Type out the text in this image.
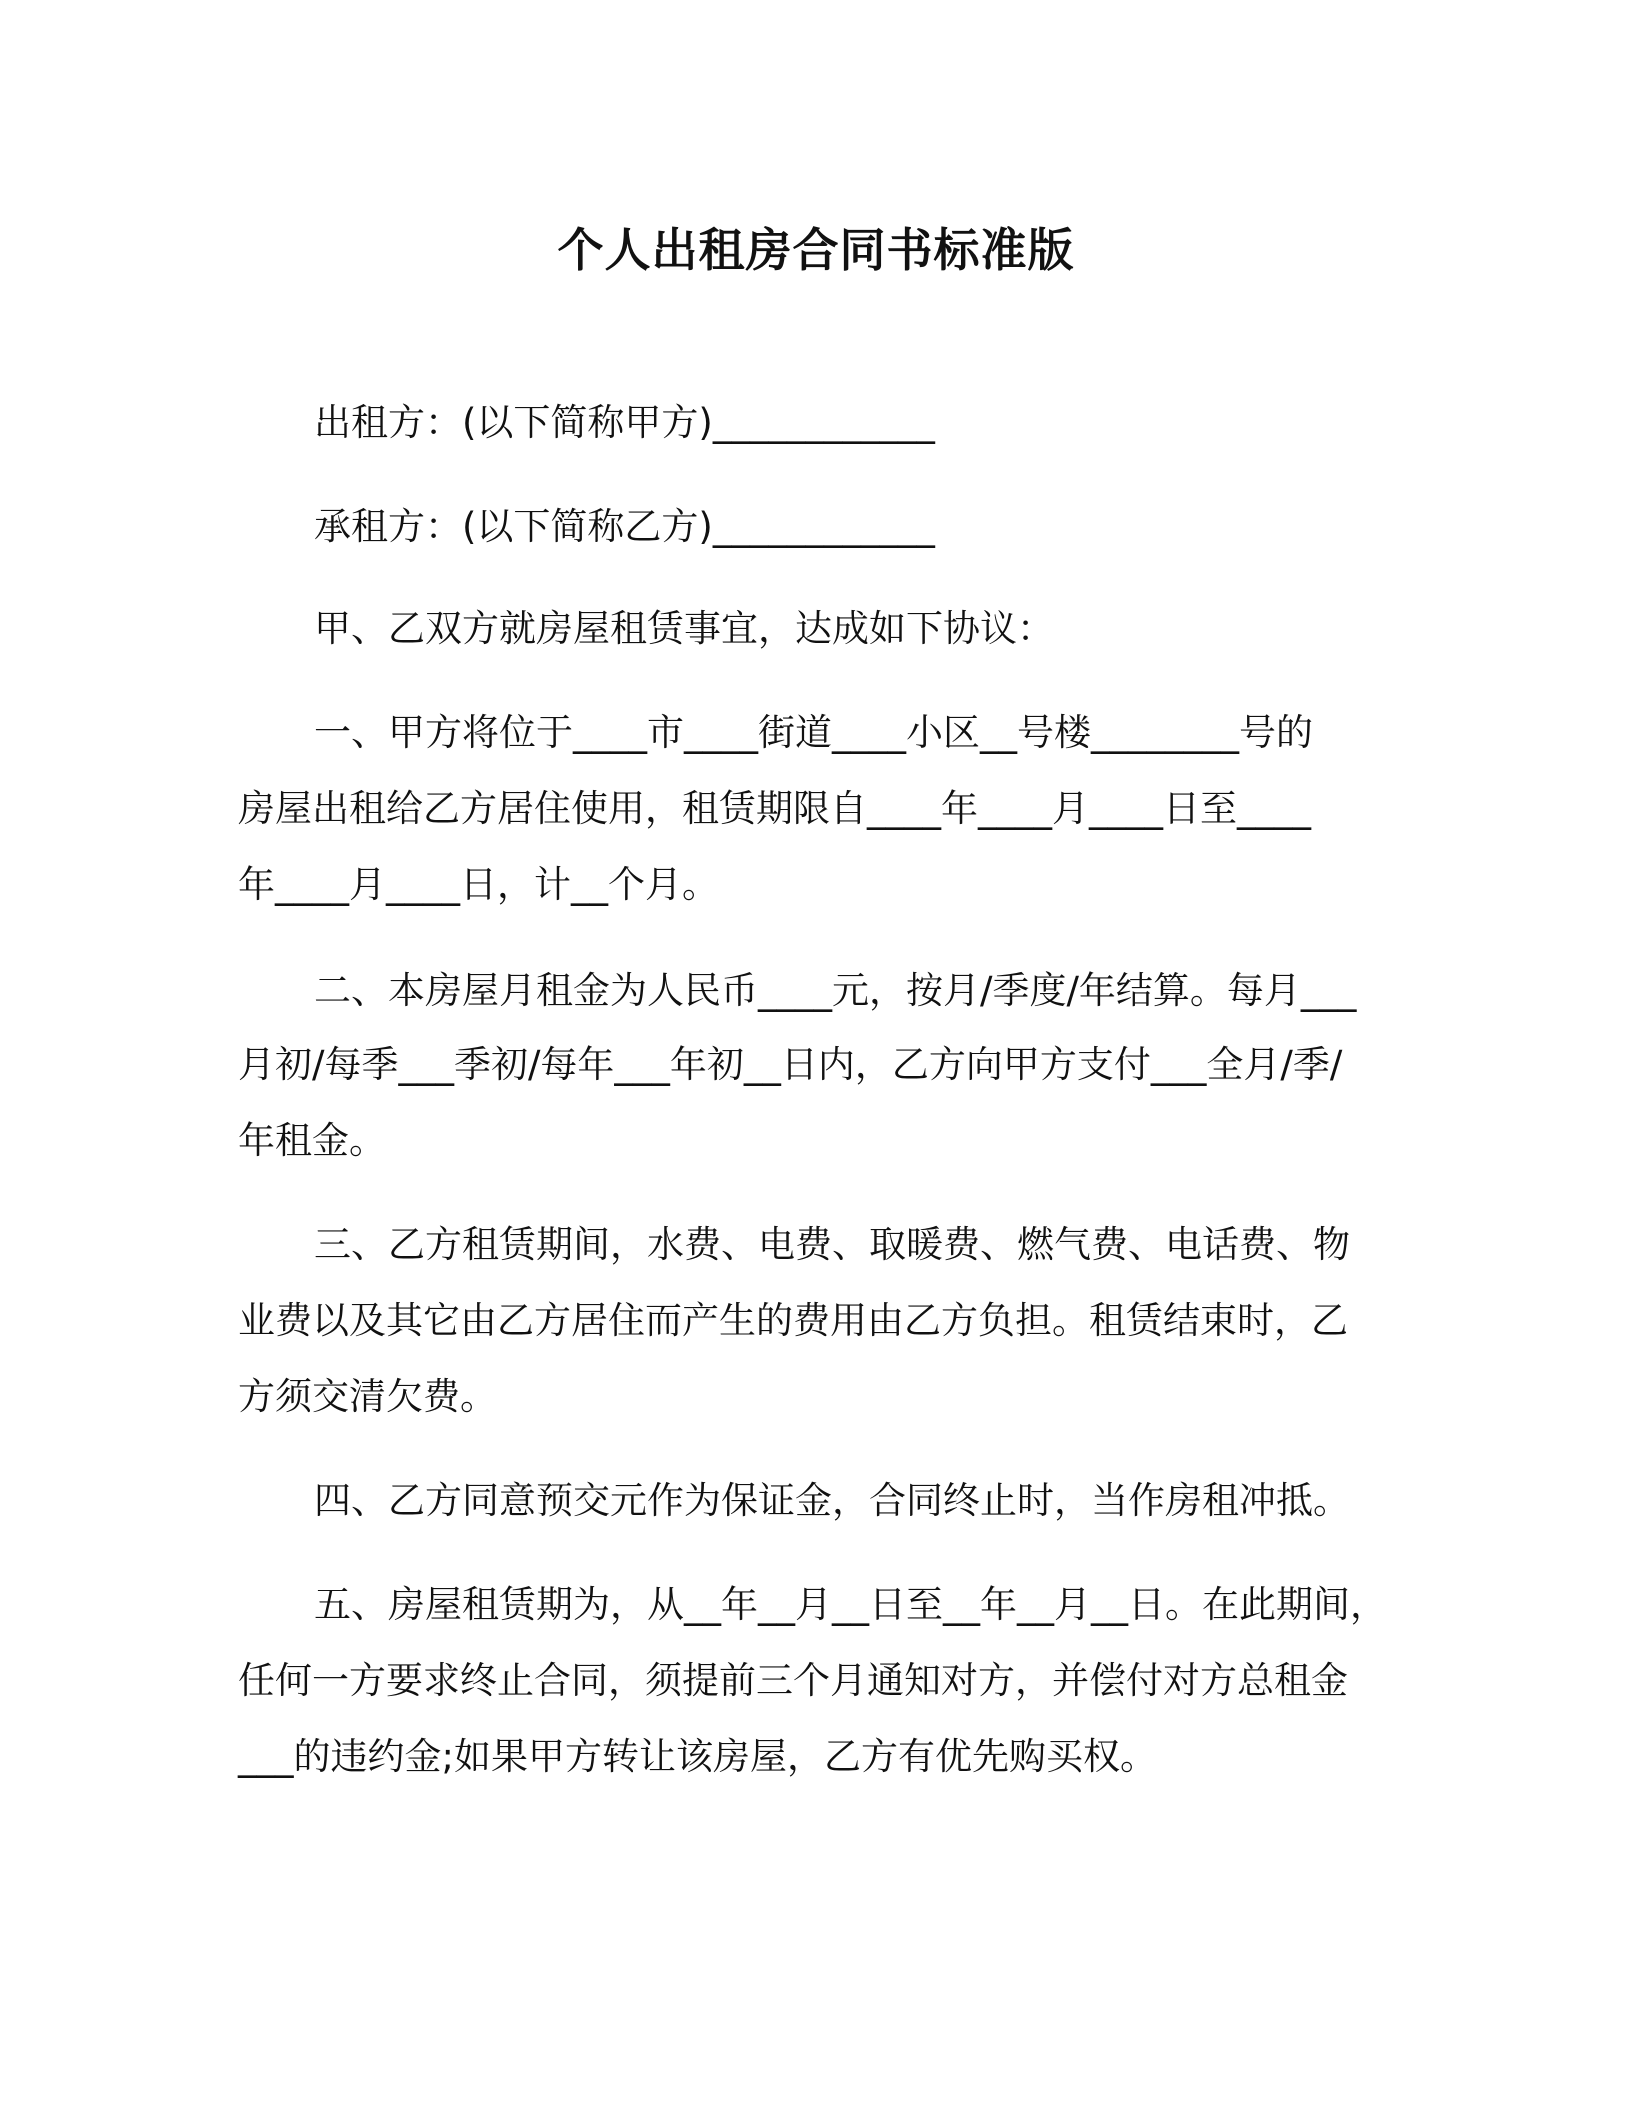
个人出租房合同书标准版
出租方：(以下简称甲方)____________
承租方：(以下简称乙方)____________
甲、乙双方就房屋租赁事宜，达成如下协议：
一、甲方将位于____市____街道____小区__号楼________号的
房屋出租给乙方居住使用，租赁期限自____年____月____日至____
年____月____日，计__个月。
二、本房屋月租金为人民币____元，按月/季度/年结算。每月___
月初/每季___季初/每年___年初__日内，乙方向甲方支付___全月/季/
年租金。
三、乙方租赁期间，水费、电费、取暖费、燃气费、电话费、物
业费以及其它由乙方居住而产生的费用由乙方负担。租赁结束时，乙
方须交清欠费。
四、乙方同意预交元作为保证金，合同终止时，当作房租冲抵。
五、房屋租赁期为，从__年__月__日至__年__月__日。在此期间，
任何一方要求终止合同，须提前三个月通知对方，并偿付对方总租金
___的违约金;如果甲方转让该房屋，乙方有优先购买权。
